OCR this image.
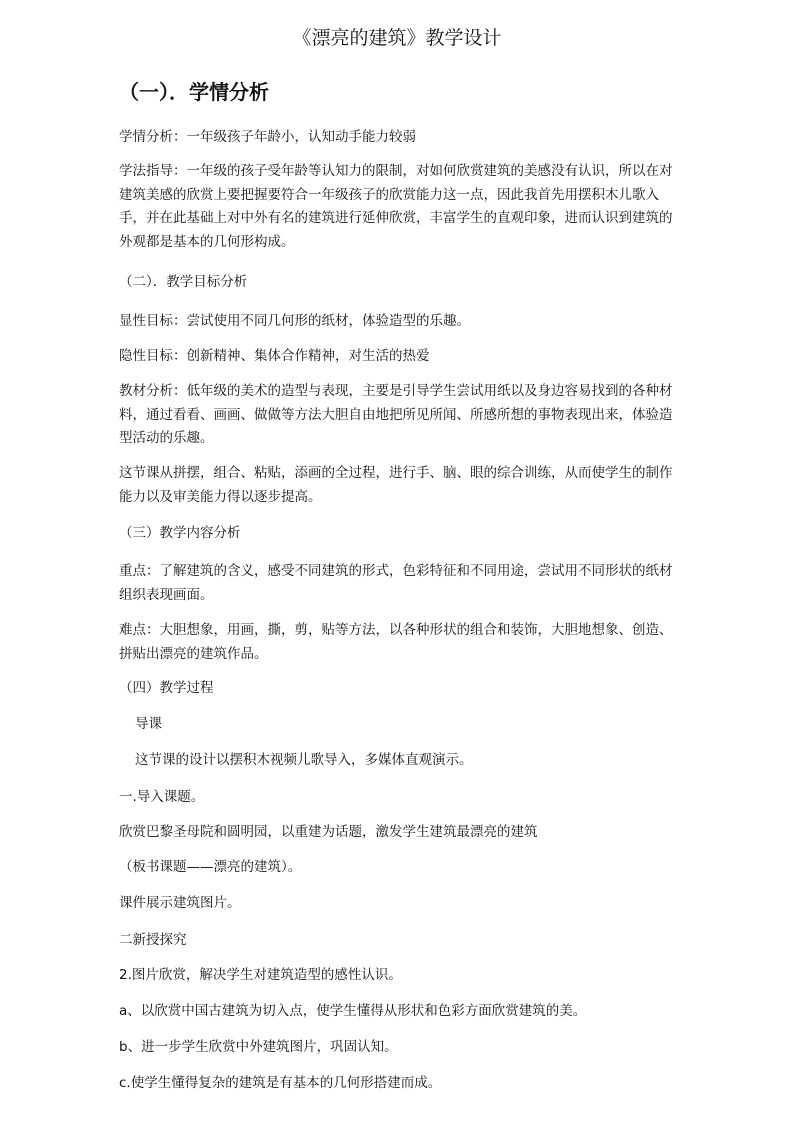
《漂亮的建筑》教学设计
（一）．学情分析

学情分析：一年级孩子年龄小，认知动手能力较弱

学法指导：一年级的孩子受年龄等认知力的限制，对如何欣赏建筑的美感没有认识，所以在对建筑美感的欣赏上要把握要符合一年级孩子的欣赏能力这一点，因此我首先用摆积木儿歌入手，并在此基础上对中外有名的建筑进行延伸欣赏，丰富学生的直观印象，进而认识到建筑的外观都是基本的几何形构成。

（二）．教学目标分析

显性目标：尝试使用不同几何形的纸材，体验造型的乐趣。

隐性目标：创新精神、集体合作精神，对生活的热爱

教材分析：低年级的美术的造型与表现，主要是引导学生尝试用纸以及身边容易找到的各种材料，通过看看、画画、做做等方法大胆自由地把所见所闻、所感所想的事物表现出来，体验造型活动的乐趣。

这节课从拼摆，组合、粘贴，添画的全过程，进行手、脑、眼的综合训练，从而使学生的制作能力以及审美能力得以逐步提高。

（三）教学内容分析

重点：了解建筑的含义，感受不同建筑的形式，色彩特征和不同用途，尝试用不同形状的纸材组织表现画面。

难点：大胆想象，用画，撕，剪，贴等方法，以各种形状的组合和装饰，大胆地想象、创造、拼贴出漂亮的建筑作品。

（四）教学过程

导课

这节课的设计以摆积木视频儿歌导入，多媒体直观演示。

一.导入课题。

欣赏巴黎圣母院和圆明园，以重建为话题，激发学生建筑最漂亮的建筑

（板书课题——漂亮的建筑）。

课件展示建筑图片。

二新授探究

2.图片欣赏，解决学生对建筑造型的感性认识。

a、以欣赏中国古建筑为切入点，使学生懂得从形状和色彩方面欣赏建筑的美。

b、进一步学生欣赏中外建筑图片，巩固认知。

c.使学生懂得复杂的建筑是有基本的几何形搭建而成。
